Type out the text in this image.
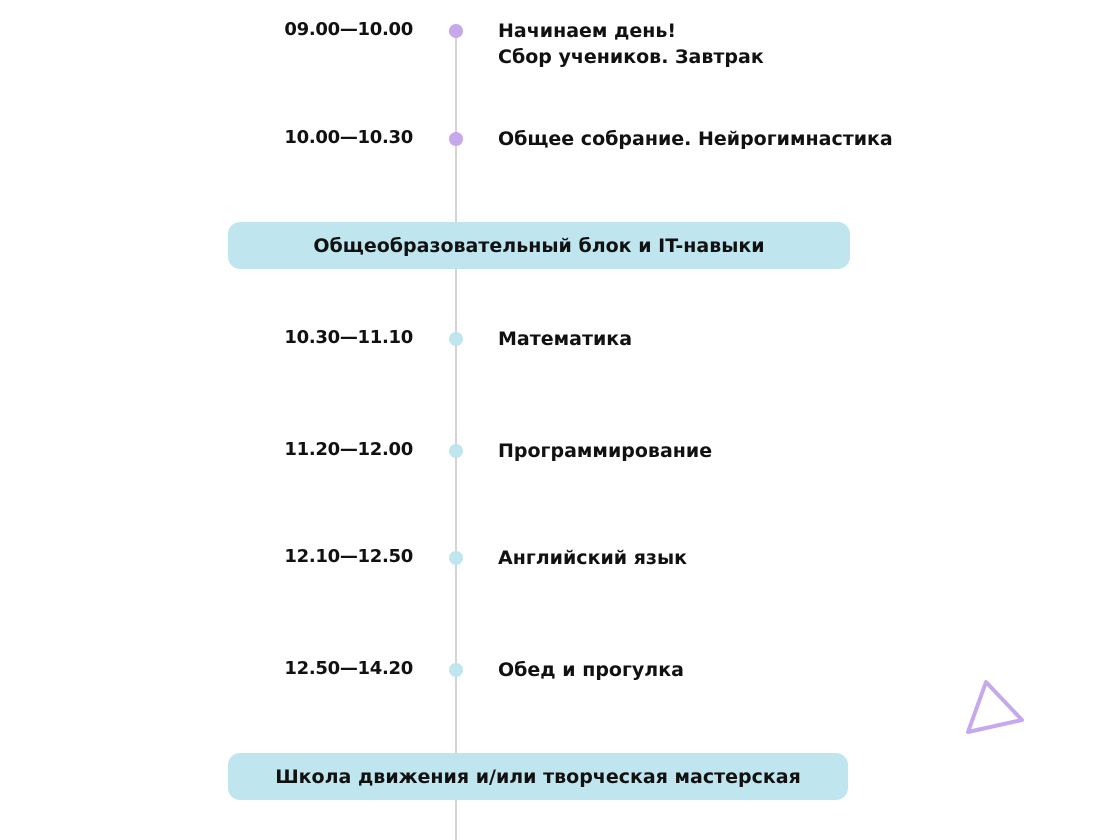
09.00—10.00	Начинаем день!
Сбор учеников. Завтрак
10.00—10.30	Общее собрание. Нейрогимнастика
Общеобразовательный блок и IT-навыки
10.30—11.10	Математика
11.20—12.00	Программирование
12.10—12.50	Английский язык
12.50—14.20	Обед и прогулка
Школа движения и/или творческая мастерская
